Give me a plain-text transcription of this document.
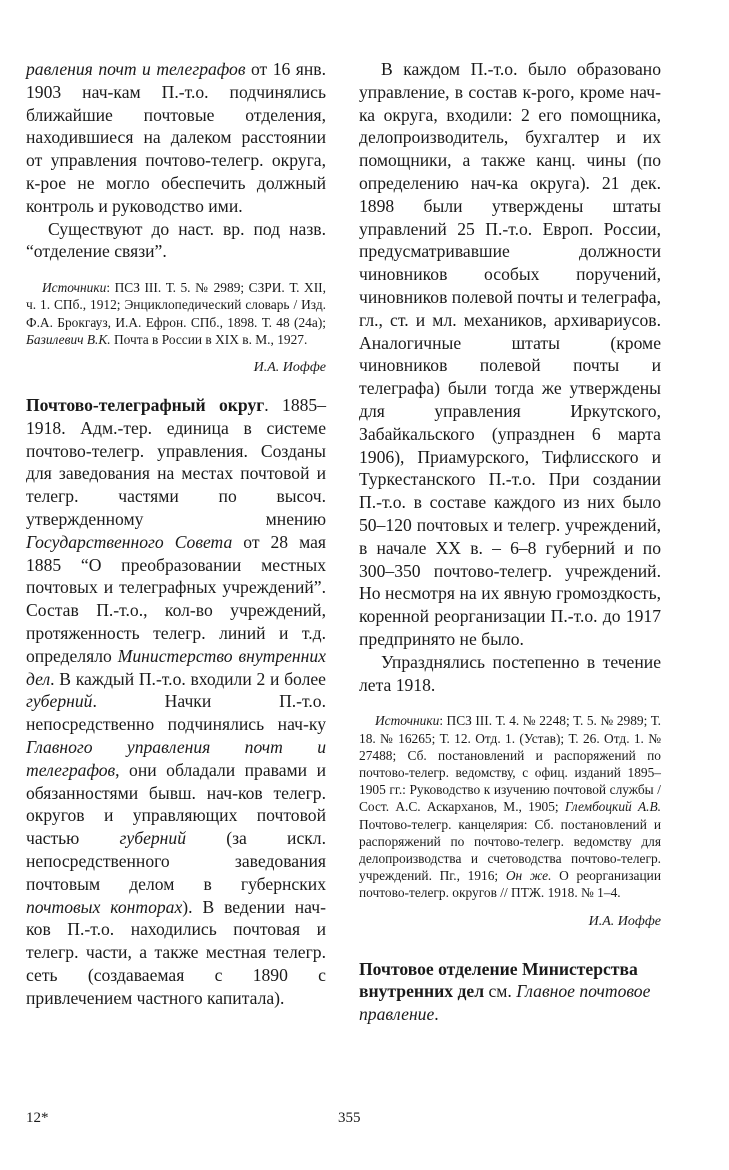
равления почт и телеграфов от 16 янв. 1903 нач-кам П.-т.о. подчинялись ближайшие почтовые отделения, находившиеся на далеком расстоянии от управления почтово-телегр. округа, к-рое не могло обеспечить должный контроль и руководство ими.

Существуют до наст. вр. под назв. “отделение связи”.

Источники: ПСЗ III. Т. 5. № 2989; СЗРИ. Т. XII, ч. 1. СПб., 1912; Энциклопедический словарь / Изд. Ф.А. Брокгауз, И.А. Ефрон. СПб., 1898. Т. 48 (24а); Базилевич В.К. Почта в России в XIX в. М., 1927.

И.А. Иоффе

Почтово-телеграфный округ. 1885–1918. Адм.-тер. единица в системе почтово-телегр. управления. Созданы для заведования на местах почтовой и телегр. частями по высоч. утвержденному мнению Государственного Совета от 28 мая 1885 “О преобразовании местных почтовых и телеграфных учреждений”. Состав П.-т.о., кол-во учреждений, протяженность телегр. линий и т.д. определяло Министерство внутренних дел. В каждый П.-т.о. входили 2 и более губерний. Начки П.-т.о. непосредственно подчинялись нач-ку Главного управления почт и телеграфов, они обладали правами и обязанностями бывш. нач-ков телегр. округов и управляющих почтовой частью губерний (за искл. непосредственного заведования почтовым делом в губернских почтовых конторах). В ведении нач-ков П.-т.о. находились почтовая и телегр. части, а также местная телегр. сеть (создаваемая с 1890 с привлечением частного капитала).

В каждом П.-т.о. было образовано управление, в состав к-рого, кроме нач-ка округа, входили: 2 его помощника, делопроизводитель, бухгалтер и их помощники, а также канц. чины (по определению нач-ка округа). 21 дек. 1898 были утверждены штаты управлений 25 П.-т.о. Европ. России, предусматривавшие должности чиновников особых поручений, чиновников полевой почты и телеграфа, гл., ст. и мл. механиков, архивариусов. Аналогичные штаты (кроме чиновников полевой почты и телеграфа) были тогда же утверждены для управления Иркутского, Забайкальского (упразднен 6 марта 1906), Приамурского, Тифлисского и Туркестанского П.-т.о. При создании П.-т.о. в составе каждого из них было 50–120 почтовых и телегр. учреждений, в начале XX в. – 6–8 губерний и по 300–350 почтово-телегр. учреждений. Но несмотря на их явную громоздкость, коренной реорганизации П.-т.о. до 1917 предпринято не было.

Упразднялись постепенно в течение лета 1918.

Источники: ПСЗ III. Т. 4. № 2248; Т. 5. № 2989; Т. 18. № 16265; Т. 12. Отд. 1. (Устав); Т. 26. Отд. 1. № 27488; Сб. постановлений и распоряжений по почтово-телегр. ведомству, с офиц. изданий 1895–1905 гг.: Руководство к изучению почтовой службы / Сост. А.С. Аскарханов, М., 1905; Глембоцкий А.В. Почтово-телегр. канцелярия: Сб. постановлений и распоряжений по почтово-телегр. ведомству для делопроизводства и счетоводства почтово-телегр. учреждений. Пг., 1916; Он же. О реорганизации почтово-телегр. округов // ПТЖ. 1918. № 1–4.

И.А. Иоффе

Почтовое отделение Министерства внутренних дел см. Главное почтовое правление.

12*	355
